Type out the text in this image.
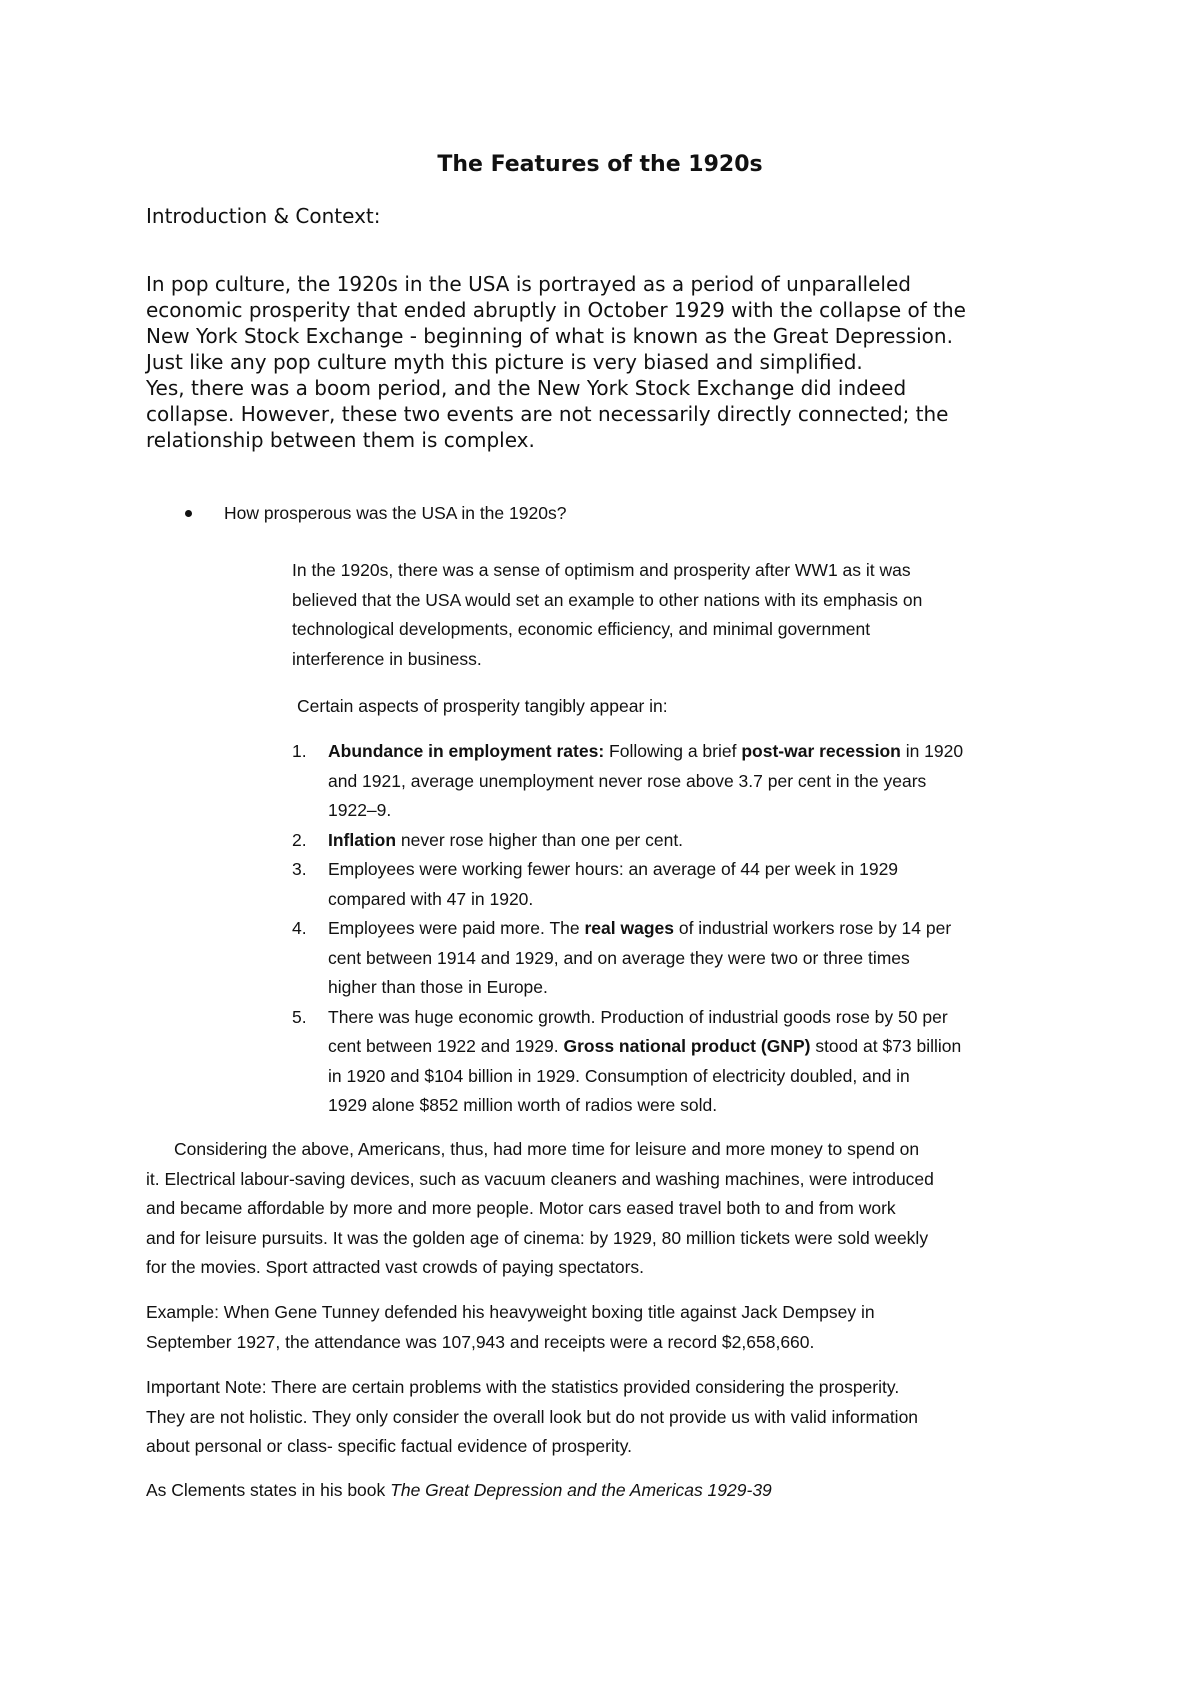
The Features of the 1920s

Introduction & Context:

In pop culture, the 1920s in the USA is portrayed as a period of unparalleled
economic prosperity that ended abruptly in October 1929 with the collapse of the
New York Stock Exchange - beginning of what is known as the Great Depression.
Just like any pop culture myth this picture is very biased and simplified.
Yes, there was a boom period, and the New York Stock Exchange did indeed
collapse. However, these two events are not necessarily directly connected; the
relationship between them is complex.

How prosperous was the USA in the 1920s?

In the 1920s, there was a sense of optimism and prosperity after WW1 as it was
believed that the USA would set an example to other nations with its emphasis on
technological developments, economic efficiency, and minimal government
interference in business.

Certain aspects of prosperity tangibly appear in:

1.	Abundance in employment rates: Following a brief post-war recession in 1920
and 1921, average unemployment never rose above 3.7 per cent in the years
1922–9.
2.	Inflation never rose higher than one per cent.
3.	Employees were working fewer hours: an average of 44 per week in 1929
compared with 47 in 1920.
4.	Employees were paid more. The real wages of industrial workers rose by 14 per
cent between 1914 and 1929, and on average they were two or three times
higher than those in Europe.
5.	There was huge economic growth. Production of industrial goods rose by 50 per
cent between 1922 and 1929. Gross national product (GNP) stood at $73 billion
in 1920 and $104 billion in 1929. Consumption of electricity doubled, and in
1929 alone $852 million worth of radios were sold.

Considering the above, Americans, thus, had more time for leisure and more money to spend on
it. Electrical labour-saving devices, such as vacuum cleaners and washing machines, were introduced
and became affordable by more and more people. Motor cars eased travel both to and from work
and for leisure pursuits. It was the golden age of cinema: by 1929, 80 million tickets were sold weekly
for the movies. Sport attracted vast crowds of paying spectators.

Example: When Gene Tunney defended his heavyweight boxing title against Jack Dempsey in
September 1927, the attendance was 107,943 and receipts were a record $2,658,660.

Important Note: There are certain problems with the statistics provided considering the prosperity.
They are not holistic. They only consider the overall look but do not provide us with valid information
about personal or class- specific factual evidence of prosperity.

As Clements states in his book The Great Depression and the Americas 1929-39
